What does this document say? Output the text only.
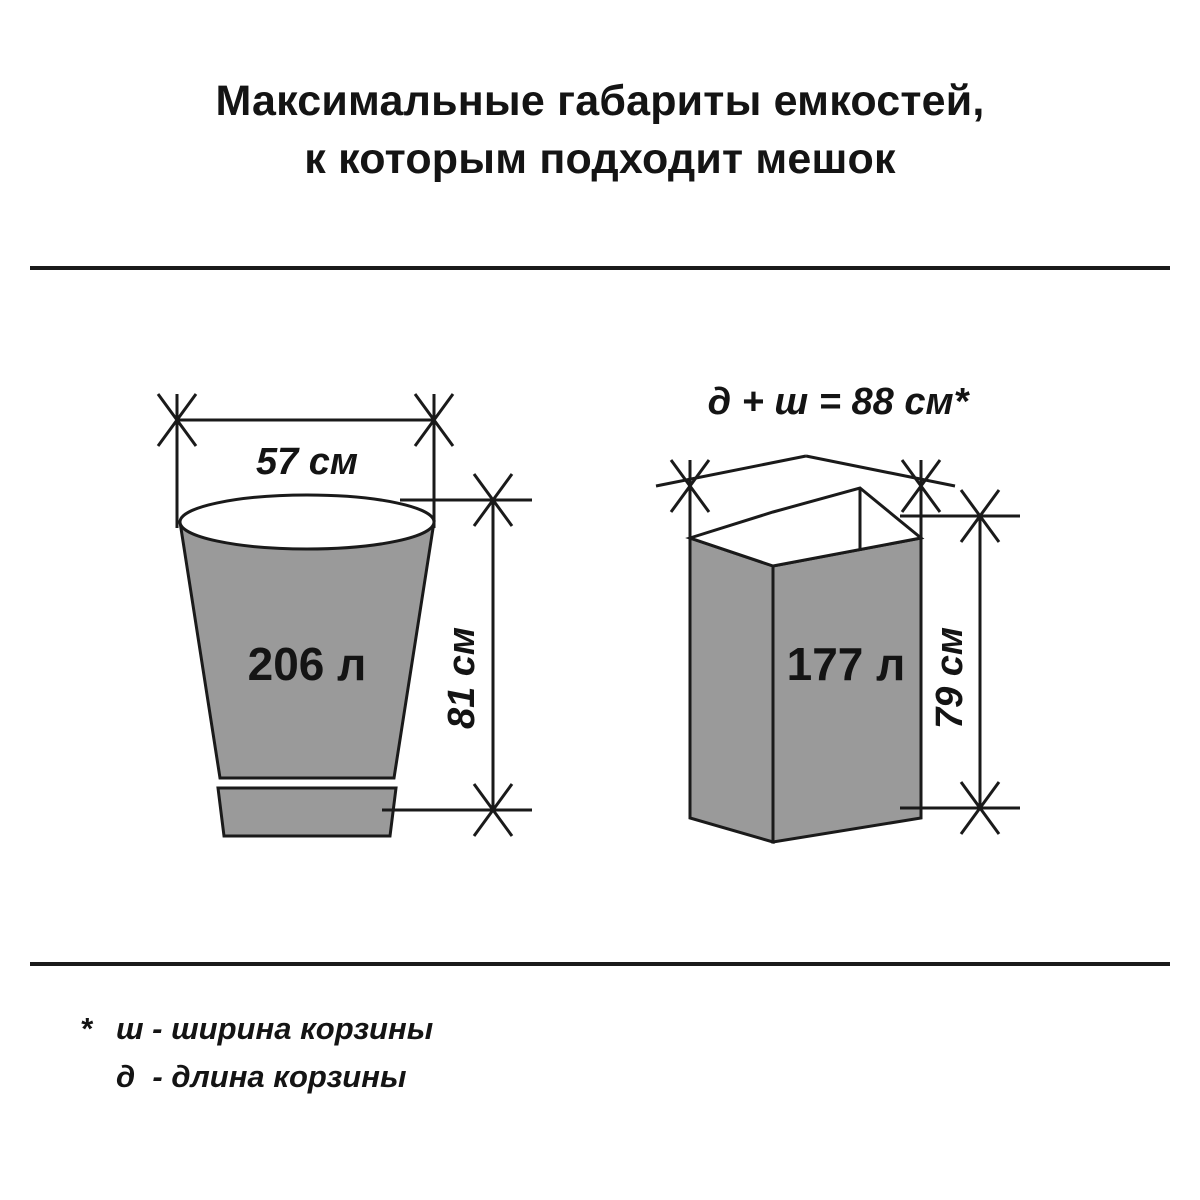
Максимальные габариты емкостей,
к которым подходит мешок
57 см
206 л 81 см
д + ш = 88 см*
177 л 79 см
* ш - ширина корзины
д  - длина корзины
